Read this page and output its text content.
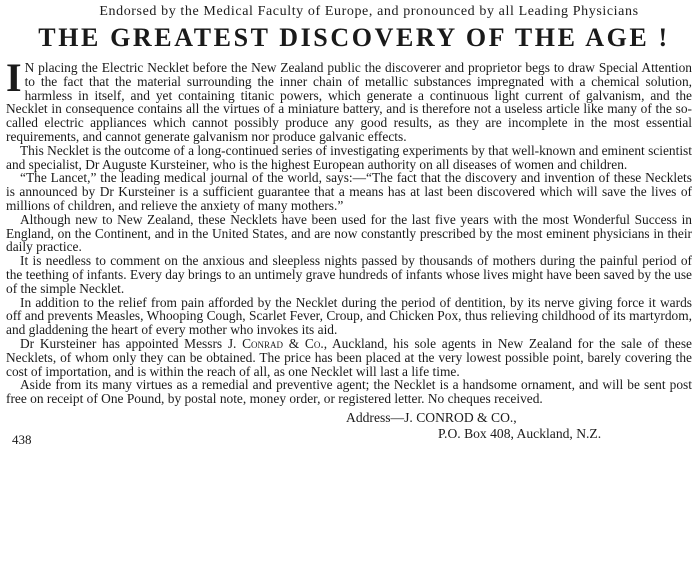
Endorsed by the Medical Faculty of Europe, and pronounced by all Leading Physicians
THE GREATEST DISCOVERY OF THE AGE !

I N placing the Electric Necklet before the New Zealand public the discoverer and proprietor begs to draw Special Attention to the fact that the material surrounding the inner chain of metallic substances impregnated with a chemical solution, harmless in itself, and yet containing titanic powers, which generate a continuous light current of galvanism, and the Necklet in consequence contains all the virtues of a miniature battery, and is therefore not a useless article like many of the so-called electric appliances which cannot possibly produce any good results, as they are incomplete in the most essential requirements, and cannot generate galvanism nor produce galvanic effects.

This Necklet is the outcome of a long-continued series of investigating experiments by that well-known and eminent scientist and specialist, Dr Auguste Kursteiner, who is the highest European authority on all diseases of women and children.

“The Lancet,” the leading medical journal of the world, says:—“The fact that the discovery and invention of these Necklets is announced by Dr Kursteiner is a sufficient guarantee that a means has at last been discovered which will save the lives of millions of children, and relieve the anxiety of many mothers.”

Although new to New Zealand, these Necklets have been used for the last five years with the most Wonderful Success in England, on the Continent, and in the United States, and are now constantly prescribed by the most eminent physicians in their daily practice.

It is needless to comment on the anxious and sleepless nights passed by thousands of mothers during the painful period of the teething of infants. Every day brings to an untimely grave hundreds of infants whose lives might have been saved by the use of the simple Necklet.

In addition to the relief from pain afforded by the Necklet during the period of dentition, by its nerve giving force it wards off and prevents Measles, Whooping Cough, Scarlet Fever, Croup, and Chicken Pox, thus relieving childhood of its martyrdom, and gladdening the heart of every mother who invokes its aid.

Dr Kursteiner has appointed Messrs J. Conrad & Co., Auckland, his sole agents in New Zealand for the sale of these Necklets, of whom only they can be obtained. The price has been placed at the very lowest possible point, barely covering the cost of importation, and is within the reach of all, as one Necklet will last a life time.

Aside from its many virtues as a remedial and preventive agent; the Necklet is a handsome ornament, and will be sent post free on receipt of One Pound, by postal note, money order, or registered letter. No cheques received.

438
Address—J. CONROD & CO.,
P.O. Box 408, Auckland, N.Z.
